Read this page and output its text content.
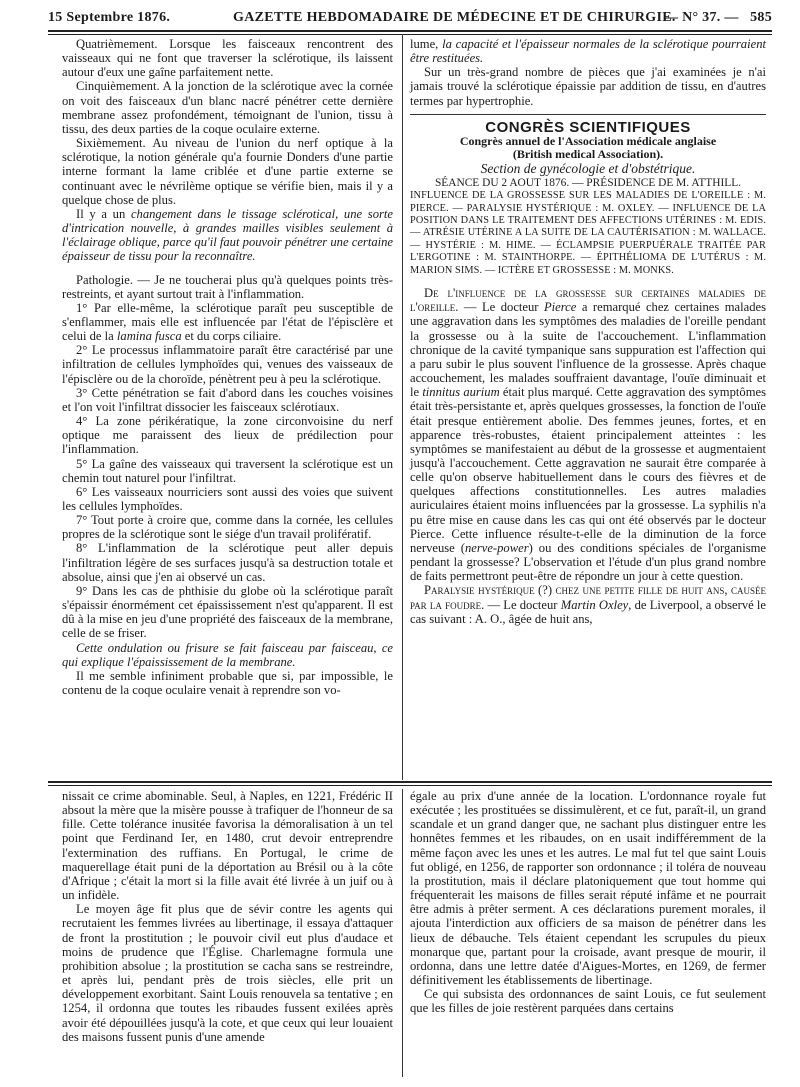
15 Septembre 1876.	GAZETTE HEBDOMADAIRE DE MÉDECINE ET DE CHIRURGIE.
— N° 37. — 585

Quatrièmement. Lorsque les faisceaux rencontrent des vaisseaux qui ne font que traverser la sclérotique, ils laissent autour d'eux une gaîne parfaitement nette.

Cinquièmement. A la jonction de la sclérotique avec la cornée on voit des faisceaux d'un blanc nacré pénétrer cette dernière membrane assez profondément, témoignant de l'union, tissu à tissu, des deux parties de la coque oculaire externe.

Sixièmement. Au niveau de l'union du nerf optique à la sclérotique, la notion générale qu'a fournie Donders d'une partie interne formant la lame criblée et d'une partie externe se continuant avec le névrilème optique se vérifie bien, mais il y a quelque chose de plus.

Il y a un changement dans le tissage sclérotical, une sorte d'intrication nouvelle, à grandes mailles visibles seulement à l'éclairage oblique, parce qu'il faut pouvoir pénétrer une certaine épaisseur de tissu pour la reconnaître.

Pathologie. — Je ne toucherai plus qu'à quelques points très-restreints, et ayant surtout trait à l'inflammation.

1° Par elle-même, la sclérotique paraît peu susceptible de s'enflammer, mais elle est influencée par l'état de l'épisclère et celui de la lamina fusca et du corps ciliaire.

2° Le processus inflammatoire paraît être caractérisé par une infiltration de cellules lymphoïdes qui, venues des vaisseaux de l'épisclère ou de la choroïde, pénètrent peu à peu la sclérotique.

3° Cette pénétration se fait d'abord dans les couches voisines et l'on voit l'infiltrat dissocier les faisceaux sclérotiaux.

4° La zone périkératique, la zone circonvoisine du nerf optique me paraissent des lieux de prédilection pour l'inflammation.

5° La gaîne des vaisseaux qui traversent la sclérotique est un chemin tout naturel pour l'infiltrat.

6° Les vaisseaux nourriciers sont aussi des voies que suivent les cellules lymphoïdes.

7° Tout porte à croire que, comme dans la cornée, les cellules propres de la sclérotique sont le siége d'un travail prolifératif.

8° L'inflammation de la sclérotique peut aller depuis l'infiltration légère de ses surfaces jusqu'à sa destruction totale et absolue, ainsi que j'en ai observé un cas.

9° Dans les cas de phthisie du globe où la sclérotique paraît s'épaissir énormément cet épaississement n'est qu'apparent. Il est dû à la mise en jeu d'une propriété des faisceaux de la membrane, celle de se friser.

Cette ondulation ou frisure se fait faisceau par faisceau, ce qui explique l'épaississement de la membrane.

Il me semble infiniment probable que si, par impossible, le contenu de la coque oculaire venait à reprendre son vo-

lume, la capacité et l'épaisseur normales de la sclérotique pourraient être restituées.

Sur un très-grand nombre de pièces que j'ai examinées je n'ai jamais trouvé la sclérotique épaissie par addition de tissu, en d'autres termes par hypertrophie.

CONGRÈS SCIENTIFIQUES

Congrès annuel de l'Association médicale anglaise

(British medical Association).

Section de gynécologie et d'obstétrique.

SÉANCE DU 2 AOUT 1876. — PRÉSIDENCE DE M. ATTHILL.

INFLUENCE DE LA GROSSESSE SUR LES MALADIES DE L'OREILLE : M. PIERCE. — PARALYSIE HYSTÉRIQUE : M. OXLEY. — INFLUENCE DE LA POSITION DANS LE TRAITEMENT DES AFFECTIONS UTÉRINES : M. EDIS. — ATRÉSIE UTÉRINE A LA SUITE DE LA CAUTÉRISATION : M. WALLACE. — HYSTÉRIE : M. HIME. — ÉCLAMPSIE PUERPUÉRALE TRAITÉE PAR L'ERGOTINE : M. STAINTHORPE. — ÉPITHÉLIOMA DE L'UTÉRUS : M. MARION SIMS. — ICTÈRE ET GROSSESSE : M. MONKS.

De l'influence de la grossesse sur certaines maladies de l'oreille. — Le docteur Pierce a remarqué chez certaines malades une aggravation dans les symptômes des maladies de l'oreille pendant la grossesse ou à la suite de l'accouchement. L'inflammation chronique de la cavité tympanique sans suppuration est l'affection qui a paru subir le plus souvent l'influence de la grossesse. Après chaque accouchement, les malades souffraient davantage, l'ouïe diminuait et le tinnitus aurium était plus marqué. Cette aggravation des symptômes était très-persistante et, après quelques grossesses, la fonction de l'ouïe était presque entièrement abolie. Des femmes jeunes, fortes, et en apparence très-robustes, étaient principalement atteintes : les symptômes se manifestaient au début de la grossesse et augmentaient jusqu'à l'accouchement. Cette aggravation ne saurait être comparée à celle qu'on observe habituellement dans le cours des fièvres et de quelques affections constitutionnelles. Les autres maladies auriculaires étaient moins influencées par la grossesse. La syphilis n'a pu être mise en cause dans les cas qui ont été observés par le docteur Pierce. Cette influence résulte-t-elle de la diminution de la force nerveuse (nerve-power) ou des conditions spéciales de l'organisme pendant la grossesse? L'observation et l'étude d'un plus grand nombre de faits permettront peut-être de répondre un jour à cette question.

Paralysie hystérique (?) chez une petite fille de huit ans, causée par la foudre. — Le docteur Martin Oxley, de Liverpool, a observé le cas suivant : A. O., âgée de huit ans,

nissait ce crime abominable. Seul, à Naples, en 1221, Frédéric II absout la mère que la misère pousse à trafiquer de l'honneur de sa fille. Cette tolérance inusitée favorisa la démoralisation à un tel point que Ferdinand Ier, en 1480, crut devoir entreprendre l'extermination des ruffians. En Portugal, le crime de maquerellage était puni de la déportation au Brésil ou à la côte d'Afrique ; c'était la mort si la fille avait été livrée à un juif ou à un infidèle.

Le moyen âge fit plus que de sévir contre les agents qui recrutaient les femmes livrées au libertinage, il essaya d'attaquer de front la prostitution ; le pouvoir civil eut plus d'audace et moins de prudence que l'Église. Charlemagne formula une prohibition absolue ; la prostitution se cacha sans se restreindre, et après lui, pendant près de trois siècles, elle prit un développement exorbitant. Saint Louis renouvela sa tentative ; en 1254, il ordonna que toutes les ribaudes fussent exilées après avoir été dépouillées jusqu'à la cote, et que ceux qui leur louaient des maisons fussent punis d'une amende

égale au prix d'une année de la location. L'ordonnance royale fut exécutée ; les prostituées se dissimulèrent, et ce fut, paraît-il, un grand scandale et un grand danger que, ne sachant plus distinguer entre les honnêtes femmes et les ribaudes, on en usait indifféremment de la même façon avec les unes et les autres. Le mal fut tel que saint Louis fut obligé, en 1256, de rapporter son ordonnance ; il toléra de nouveau la prostitution, mais il déclare platoniquement que tout homme qui fréquenterait les maisons de filles serait réputé infâme et ne pourrait être admis à prêter serment. A ces déclarations purement morales, il ajouta l'interdiction aux officiers de sa maison de pénétrer dans les lieux de débauche. Tels étaient cependant les scrupules du pieux monarque que, partant pour la croisade, avant presque de mourir, il ordonna, dans une lettre datée d'Aigues-Mortes, en 1269, de fermer définitivement les établissements de libertinage.

Ce qui subsista des ordonnances de saint Louis, ce fut seulement que les filles de joie restèrent parquées dans certains
